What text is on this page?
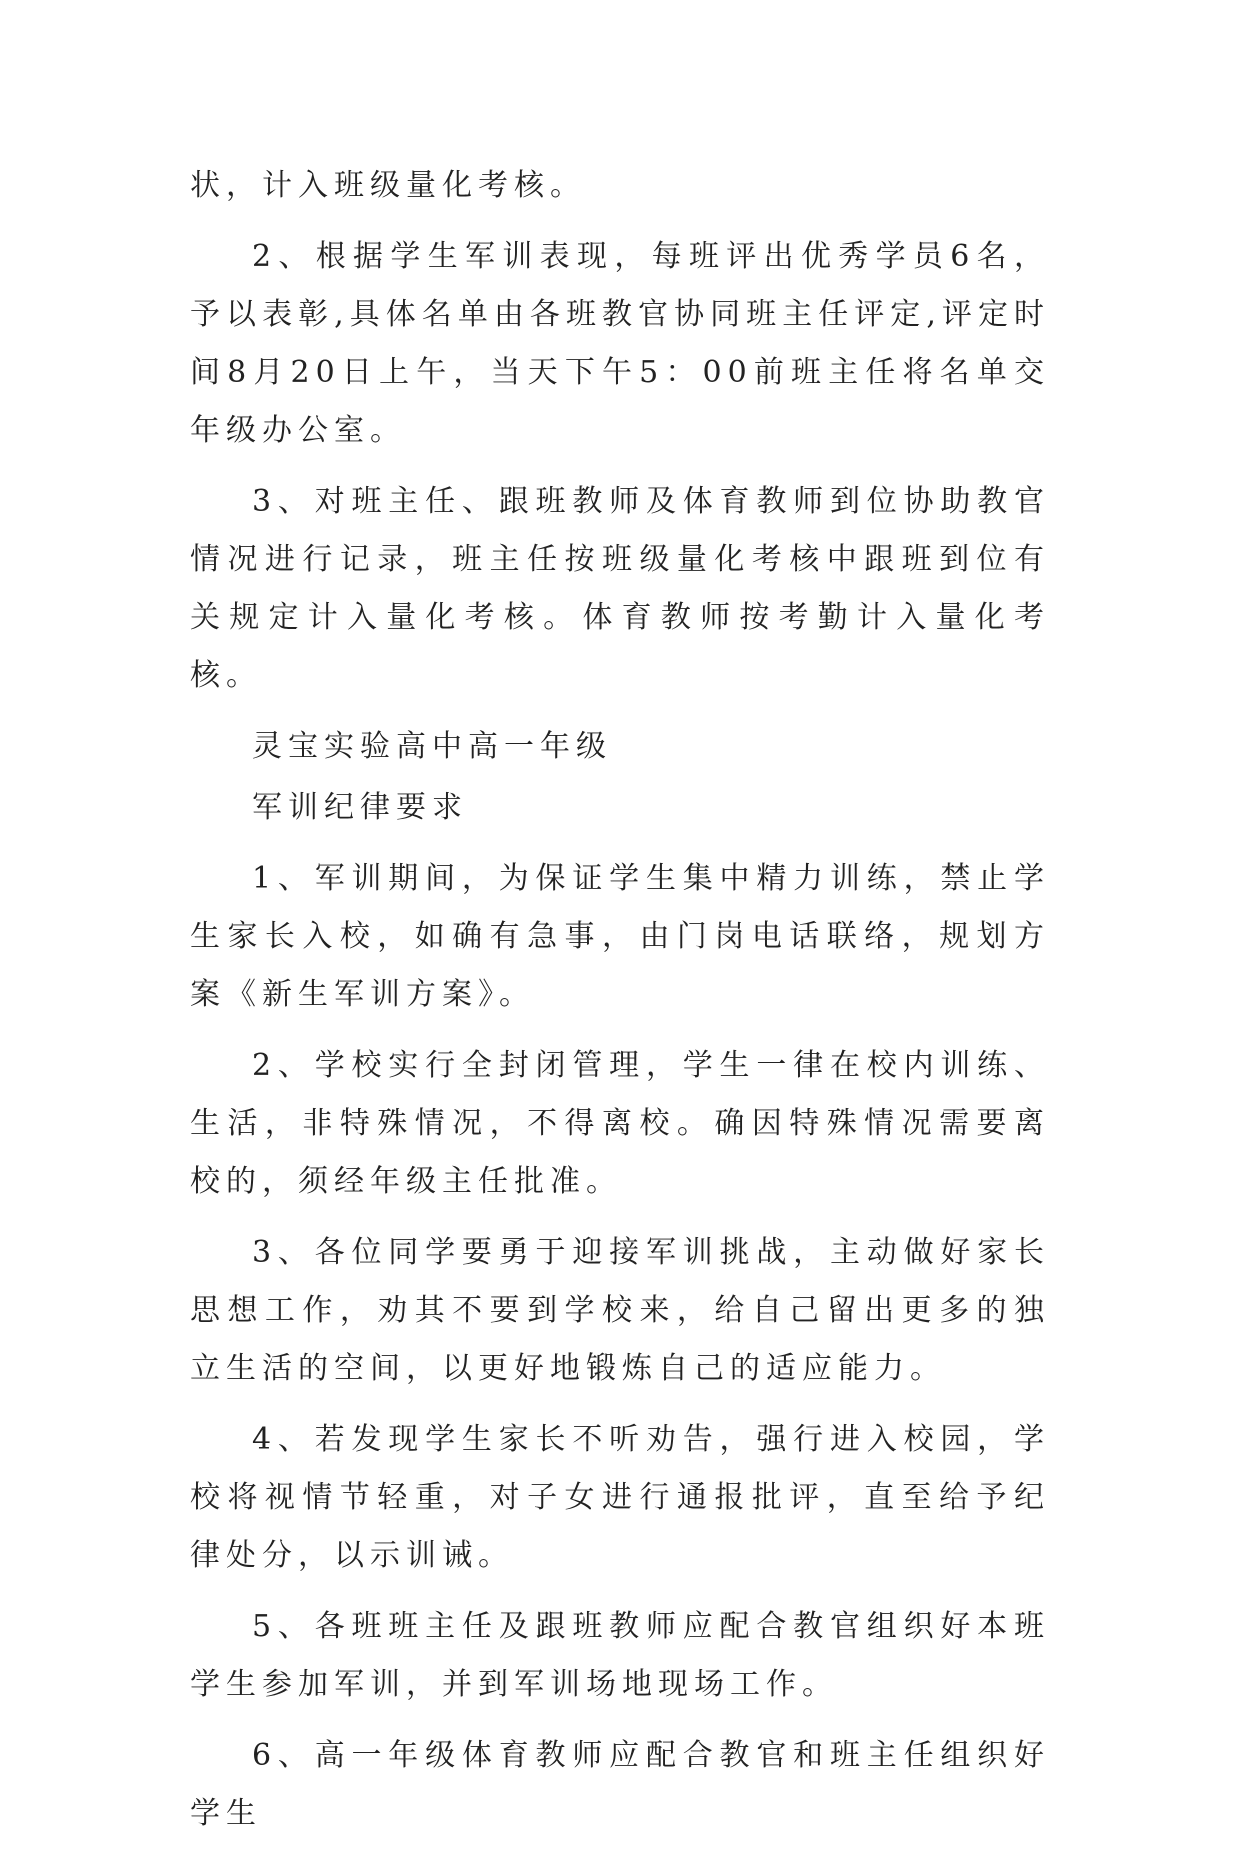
状，计入班级量化考核。

2、根据学生军训表现，每班评出优秀学员6名，予以表彰,具体名单由各班教官协同班主任评定,评定时间8月20日上午，当天下午5：00前班主任将名单交年级办公室。

3、对班主任、跟班教师及体育教师到位协助教官情况进行记录，班主任按班级量化考核中跟班到位有关规定计入量化考核。体育教师按考勤计入量化考核。

灵宝实验高中高一年级

军训纪律要求

1、军训期间，为保证学生集中精力训练，禁止学生家长入校，如确有急事，由门岗电话联络，规划方案《新生军训方案》。

2、学校实行全封闭管理，学生一律在校内训练、生活，非特殊情况，不得离校。确因特殊情况需要离校的，须经年级主任批准。

3、各位同学要勇于迎接军训挑战，主动做好家长思想工作，劝其不要到学校来，给自己留出更多的独立生活的空间，以更好地锻炼自己的适应能力。

4、若发现学生家长不听劝告，强行进入校园，学校将视情节轻重，对子女进行通报批评，直至给予纪律处分，以示训诫。

5、各班班主任及跟班教师应配合教官组织好本班学生参加军训，并到军训场地现场工作。

6、高一年级体育教师应配合教官和班主任组织好学生
